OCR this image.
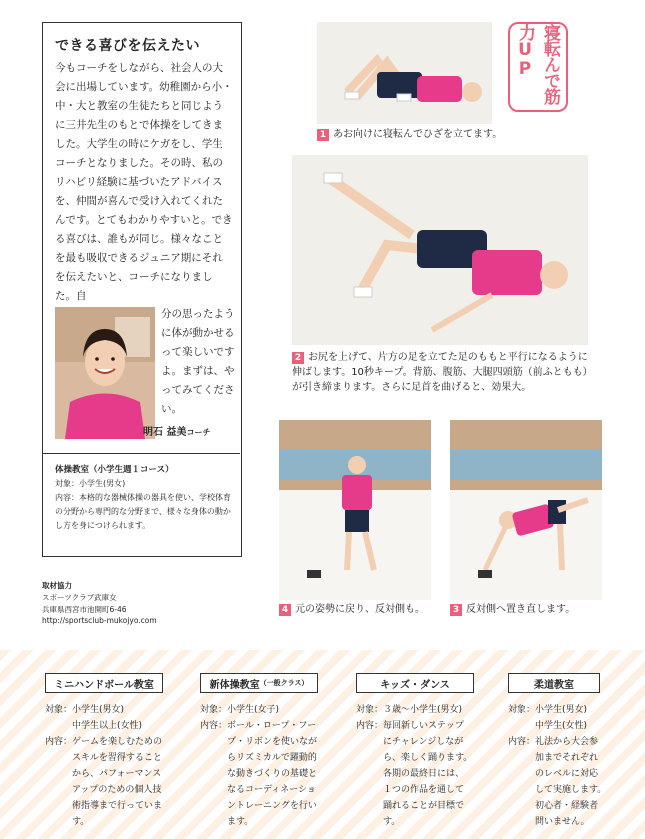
できる喜びを伝えたい
今もコーチをしながら、社会人の大会に出場しています。幼稚園から小・中・大と教室の生徒たちと同じように三井先生のもとで体操をしてきました。大学生の時にケガをし、学生コーチとなりました。その時、私のリハビリ経験に基づいたアドバイスを、仲間が喜んで受け入れてくれたんです。とてもわかりやすいと。できる喜びは、誰もが同じ。様々なことを最も吸収できるジュニア期にそれを伝えたいと、コーチになりました。自
分の思ったように体が動かせるって楽しいですよ。まずは、やってみてください。
明石 益美コーチ
体操教室（小学生週１コース）
対象：小学生(男女)
内容：本格的な器械体操の器具を使い、学校体育の分野から専門的な分野まで、様々な身体の動かし方を身につけられます。
取材協力
スポーツクラブ武庫女
兵庫県西宮市池開町6-46
http://sportsclub-mukojyo.com
寝転んで筋力UP
1 あお向けに寝転んでひざを立てます。
2 お尻を上げて、片方の足を立てた足のももと平行になるように伸ばします。10秒キープ。背筋、腹筋、大腿四頭筋（前ふともも）が引き締まります。さらに足首を曲げると、効果大。
4 元の姿勢に戻り、反対側も。	3 反対側へ置き直します。
ミニハンドボール教室
対象：小学生(男女)
　　　中学生以上(女性)
内容：ゲームを楽しむための
　　　スキルを習得すること
　　　から、パフォーマンス
　　　アップのための個人技
　　　術指導まで行っていま
　　　す。
新体操教室 （一般クラス）
対象：小学生(女子)
内容：ボール・ロープ・フー
　　　プ・リボンを使いなが
　　　らリズミカルで躍動的
　　　な動きづくりの基礎と
　　　なるコーディネーショ
　　　ントレーニングを行い
　　　ます。
キッズ・ダンス
対象：３歳〜小学生(男女)
内容：毎回新しいステップ
　　　にチャレンジしなが
　　　ら、楽しく踊ります。
　　　各期の最終日には、
　　　１つの作品を通して
　　　踊れることが目標で
　　　す。
柔道教室
対象：小学生(男女)
　　　中学生(女性)
内容：礼法から大会参
　　　加までそれぞれ
　　　のレベルに対応
　　　して実施します。
　　　初心者・経験者
　　　問いません。
